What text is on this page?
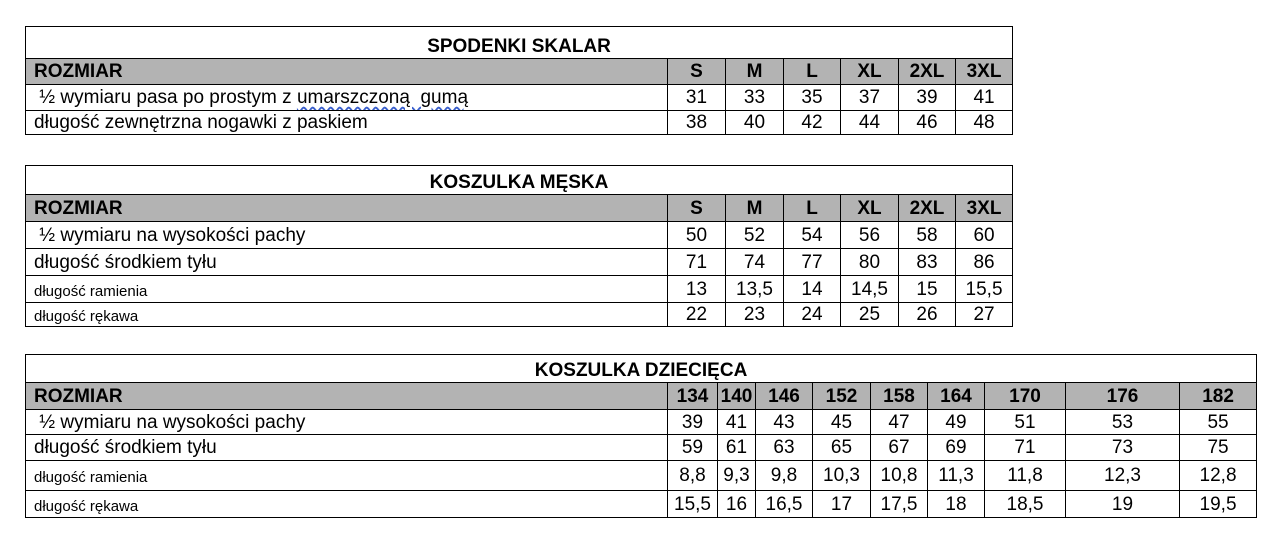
SPODENKI SKALAR						
ROZMIAR	S	M	L	XL	2XL	3XL
½ wymiaru pasa po prostym z umarszczoną  gumą	31	33	35	37	39	41
długość zewnętrzna nogawki z paskiem	38	40	42	44	46	48
KOSZULKA MĘSKA						
ROZMIAR	S	M	L	XL	2XL	3XL
½ wymiaru na wysokości pachy	50	52	54	56	58	60
długość środkiem tyłu	71	74	77	80	83	86
długość ramienia	13	13,5	14	14,5	15	15,5
długość rękawa	22	23	24	25	26	27
KOSZULKA DZIECIĘCA									
ROZMIAR	134	140	146	152	158	164	170	176	182
½ wymiaru na wysokości pachy	39	41	43	45	47	49	51	53	55
długość środkiem tyłu	59	61	63	65	67	69	71	73	75
długość ramienia	8,8	9,3	9,8	10,3	10,8	11,3	11,8	12,3	12,8
długość rękawa	15,5	16	16,5	17	17,5	18	18,5	19	19,5
